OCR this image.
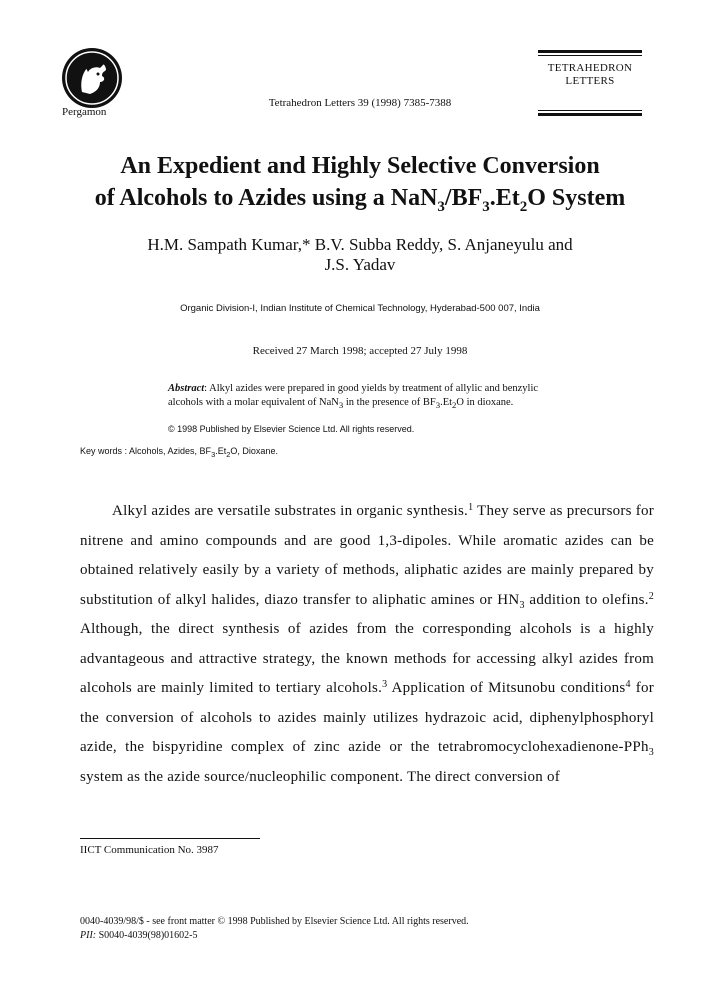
Pergamon
Tetrahedron Letters 39 (1998) 7385-7388
TETRAHEDRON
LETTERS
An Expedient and Highly Selective Conversion
of Alcohols to Azides using a $NaN_3/BF_3.Et_2O$ System
H.M. Sampath Kumar,* B.V. Subba Reddy, S. Anjaneyulu and
J.S. Yadav
Organic Division-I, Indian Institute of Chemical Technology, Hyderabad-500 007, India
Received 27 March 1998; accepted 27 July 1998
Abstract: Alkyl azides were prepared in good yields by treatment of allylic and benzylic
alcohols with a molar equivalent of NaN$_3$ in the presence of $BF_3.Et_2O$ in dioxane.
© 1998 Published by Elsevier Science Ltd. All rights reserved.
Key words : Alcohols, Azides, $BF_3.Et_2O$, Dioxane.
Alkyl azides are versatile substrates in organic synthesis.$^1$ They serve as precursors for nitrene and amino compounds and are good 1,3-dipoles. While aromatic azides can be obtained relatively easily by a variety of methods, aliphatic azides are mainly prepared by substitution of alkyl halides, diazo transfer to aliphatic amines or $HN_3$ addition to olefins.$^2$ Although, the direct synthesis of azides from the corresponding alcohols is a highly advantageous and attractive strategy, the known methods for accessing alkyl azides from alcohols are mainly limited to tertiary alcohols.$^3$ Application of Mitsunobu conditions$^4$ for the conversion of alcohols to azides mainly utilizes hydrazoic acid, diphenylphosphoryl azide, the bispyridine complex of zinc azide or the tetrabromocyclohexadienone-PPh$_3$ system as the azide source/nucleophilic component. The direct conversion of
IICT Communication No. 3987
0040-4039/98/$ - see front matter © 1998 Published by Elsevier Science Ltd. All rights reserved.
PII: S0040-4039(98)01602-5
